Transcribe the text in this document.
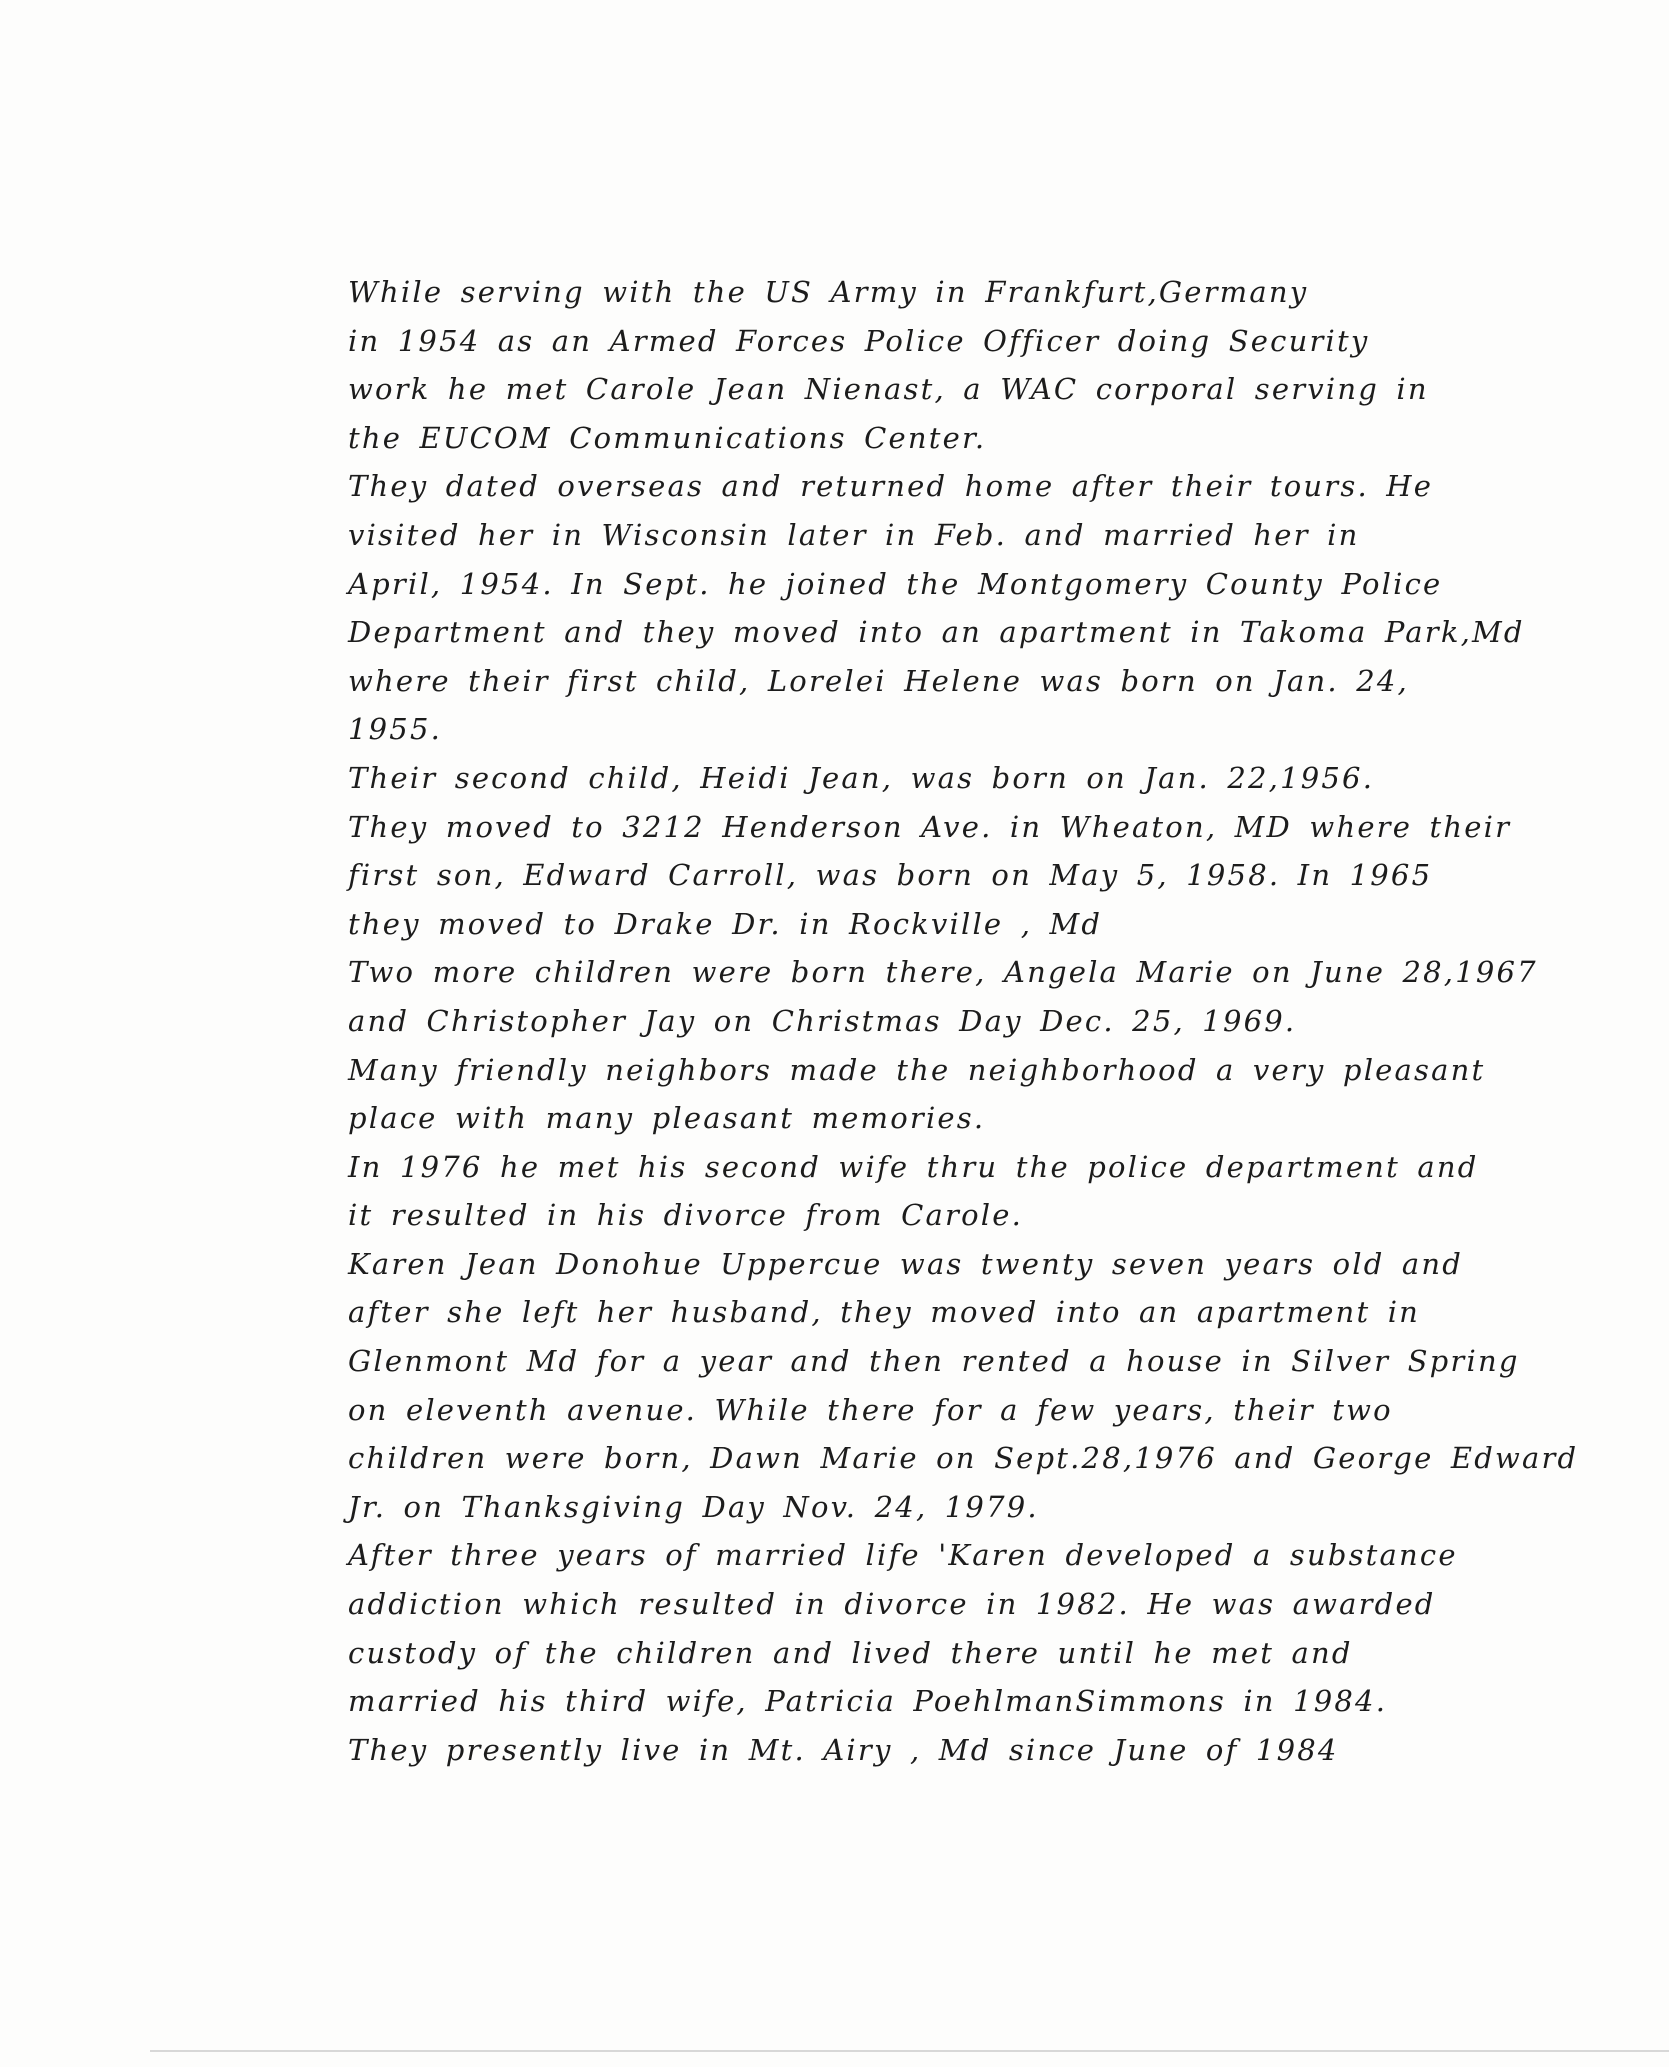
While serving with the US Army in Frankfurt,Germany
in 1954 as an Armed Forces Police Officer doing Security
work he met Carole Jean Nienast, a WAC corporal serving in
the EUCOM Communications Center.
They dated overseas and returned home after their tours. He
visited her in Wisconsin later in Feb. and married her in
April, 1954. In Sept. he joined the Montgomery County Police
Department and they moved into an apartment in Takoma Park,Md
where their first child, Lorelei Helene was born on Jan. 24,
1955.
Their second child, Heidi Jean, was born on Jan. 22,1956.
They moved to 3212 Henderson Ave. in Wheaton, MD where their
first son, Edward Carroll, was born on May 5, 1958. In 1965
they moved to Drake Dr. in Rockville , Md
Two more children were born there, Angela Marie on June 28,1967
and Christopher Jay on Christmas Day Dec. 25, 1969.
Many friendly neighbors made the neighborhood a very pleasant
place with many pleasant memories.
In 1976 he met his second wife thru the police department and
it resulted in his divorce from Carole.
Karen Jean Donohue Uppercue was twenty seven years old and
after she left her husband, they moved into an apartment in
Glenmont Md for a year and then rented a house in Silver Spring
on eleventh avenue. While there for a few years, their two
children were born, Dawn Marie on Sept.28,1976 and George Edward
Jr. on Thanksgiving Day Nov. 24, 1979.
After three years of married life 'Karen developed a substance
addiction which resulted in divorce in 1982. He was awarded
custody of the children and lived there until he met and
married his third wife, Patricia PoehlmanSimmons in 1984.
They presently live in Mt. Airy , Md since June of 1984
